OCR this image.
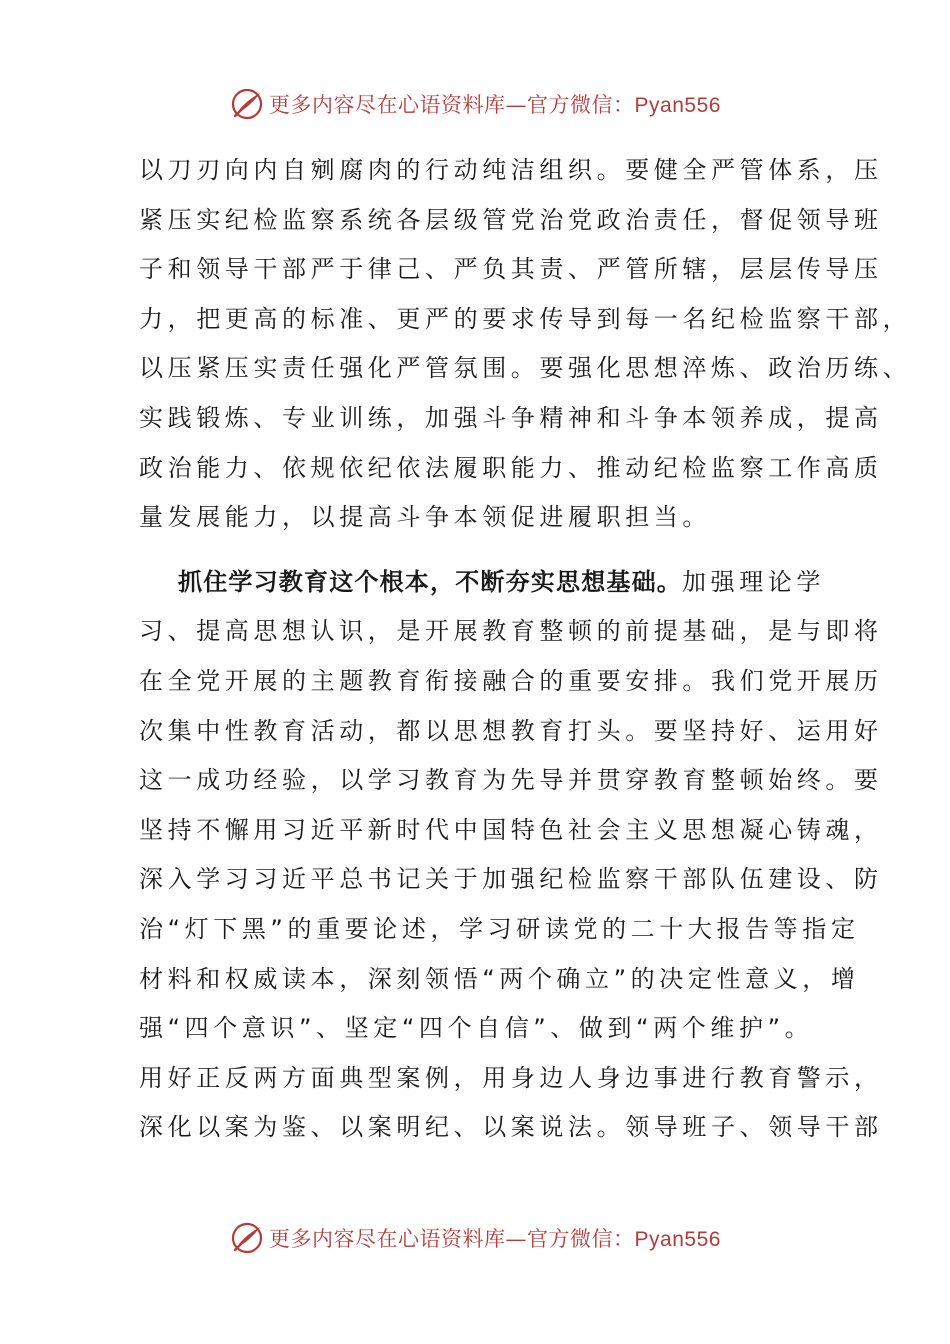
更多内容尽在心语资料库—官方微信：Pyan556
以刀刃向内自剜腐肉的行动纯洁组织。要健全严管体系，压
紧压实纪检监察系统各层级管党治党政治责任，督促领导班
子和领导干部严于律己、严负其责、严管所辖，层层传导压
力，把更高的标准、更严的要求传导到每一名纪检监察干部，
以压紧压实责任强化严管氛围。要强化思想淬炼、政治历练、
实践锻炼、专业训练，加强斗争精神和斗争本领养成，提高
政治能力、依规依纪依法履职能力、推动纪检监察工作高质
量发展能力，以提高斗争本领促进履职担当。
抓住学习教育这个根本，不断夯实思想基础。加强理论学
习、提高思想认识，是开展教育整顿的前提基础，是与即将
在全党开展的主题教育衔接融合的重要安排。我们党开展历
次集中性教育活动，都以思想教育打头。要坚持好、运用好
这一成功经验，以学习教育为先导并贯穿教育整顿始终。要
坚持不懈用习近平新时代中国特色社会主义思想凝心铸魂，
深入学习习近平总书记关于加强纪检监察干部队伍建设、防
治“灯下黑”的重要论述，学习研读党的二十大报告等指定
材料和权威读本，深刻领悟“两个确立”的决定性意义，增
强“四个意识”、坚定“四个自信”、做到“两个维护”。
用好正反两方面典型案例，用身边人身边事进行教育警示，
深化以案为鉴、以案明纪、以案说法。领导班子、领导干部
更多内容尽在心语资料库—官方微信：Pyan556
